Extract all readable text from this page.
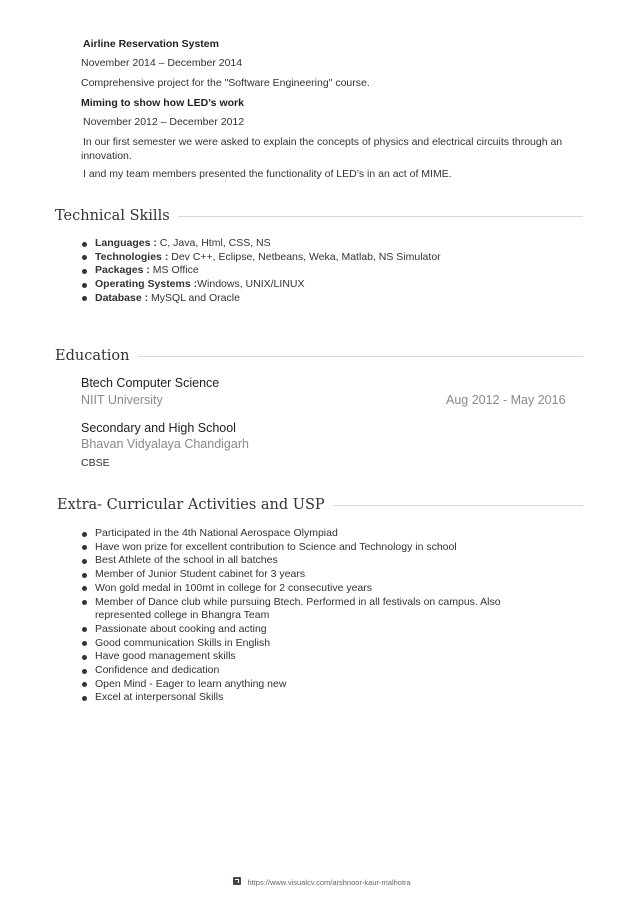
Airline Reservation System
November 2014 – December 2014
Comprehensive project for the "Software Engineering" course.
Miming to show how LED’s work
November 2012 – December 2012
In our first semester we were asked to explain the concepts of physics and electrical circuits through an innovation.
I and my team members presented the functionality of LED’s in an act of MIME.
Technical Skills
Languages : C, Java, Html, CSS, NS
Technologies : Dev C++, Eclipse, Netbeans, Weka, Matlab, NS Simulator
Packages : MS Office
Operating Systems :Windows, UNIX/LINUX
Database : MySQL and Oracle
Education
Btech Computer Science
NIIT University	Aug 2012 - May 2016
Secondary and High School
Bhavan Vidyalaya Chandigarh
CBSE
Extra- Curricular Activities and USP
Participated in the 4th National Aerospace Olympiad
Have won prize for excellent contribution to Science and Technology in school
Best Athlete of the school in all batches
Member of Junior Student cabinet for 3 years
Won gold medal in 100mt in college for 2 consecutive years
Member of Dance club while pursuing Btech. Performed in all festivals on campus. Also represented college in Bhangra Team
Passionate about cooking and acting
Good communication Skills in English
Have good management skills
Confidence and dedication
Open Mind - Eager to learn anything new
Excel at interpersonal Skills
https://www.visualcv.com/arshnoor-kaur-malhotra
